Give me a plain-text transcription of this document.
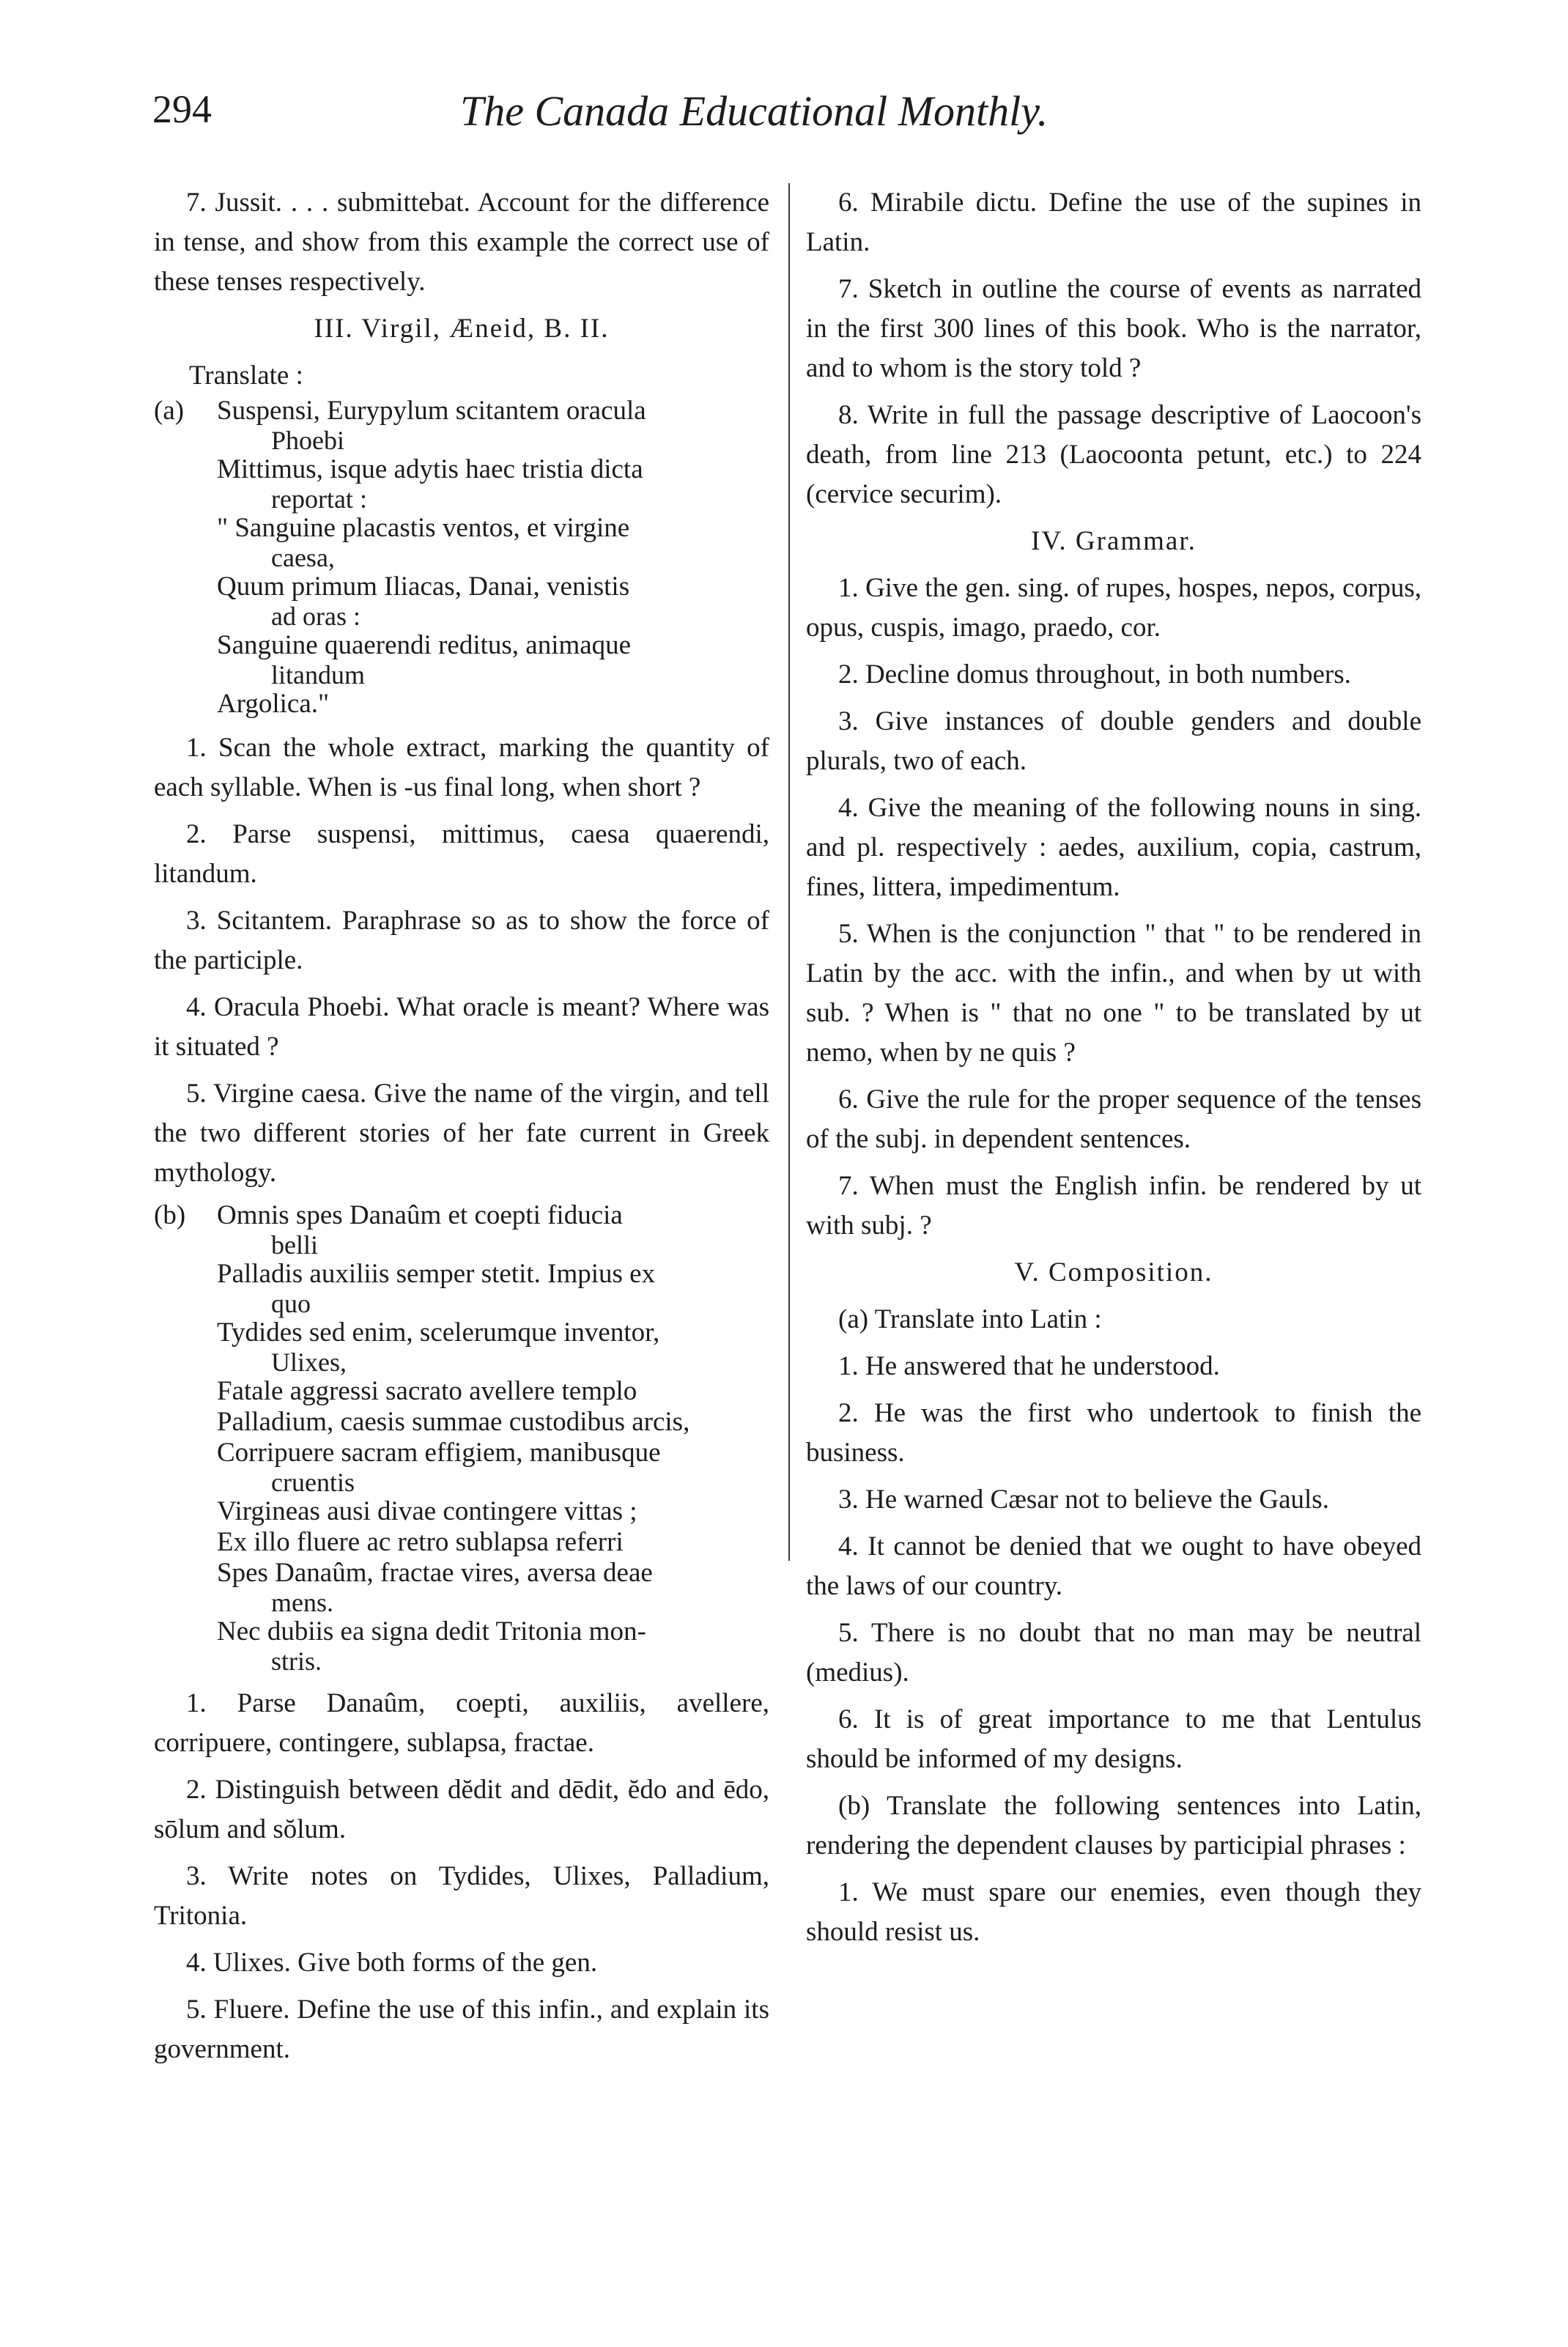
294	The Canada Educational Monthly.

7. Jussit. . . . submittebat. Account for the difference in tense, and show from this example the correct use of these tenses respectively.

III. Virgil, Æneid, B. II.

Translate :

(a) Suspensi, Eurypylum scitantem oracula
Phoebi
Mittimus, isque adytis haec tristia dicta
reportat :
" Sanguine placastis ventos, et virgine
caesa,
Quum primum Iliacas, Danai, venistis
ad oras :
Sanguine quaerendi reditus, animaque
litandum
Argolica."

1. Scan the whole extract, marking the quantity of each syllable. When is -us final long, when short ?

2. Parse suspensi, mittimus, caesa quaerendi, litandum.

3. Scitantem. Paraphrase so as to show the force of the participle.

4. Oracula Phoebi. What oracle is meant? Where was it situated ?

5. Virgine caesa. Give the name of the virgin, and tell the two different stories of her fate current in Greek mythology.

(b) Omnis spes Danaûm et coepti fiducia
belli
Palladis auxiliis semper stetit. Impius ex
quo
Tydides sed enim, scelerumque inventor,
Ulixes,
Fatale aggressi sacrato avellere templo
Palladium, caesis summae custodibus arcis,
Corripuere sacram effigiem, manibusque
cruentis
Virgineas ausi divae contingere vittas ;
Ex illo fluere ac retro sublapsa referri
Spes Danaûm, fractae vires, aversa deae
mens.
Nec dubiis ea signa dedit Tritonia mon-
stris.

1. Parse Danaûm, coepti, auxiliis, avellere, corripuere, contingere, sublapsa, fractae.

2. Distinguish between dĕdit and dēdit, ĕdo and ēdo, sōlum and sŏlum.

3. Write notes on Tydides, Ulixes, Palladium, Tritonia.

4. Ulixes. Give both forms of the gen.

5. Fluere. Define the use of this infin., and explain its government.

6. Mirabile dictu. Define the use of the supines in Latin.

7. Sketch in outline the course of events as narrated in the first 300 lines of this book. Who is the narrator, and to whom is the story told ?

8. Write in full the passage descriptive of Laocoon's death, from line 213 (Laocoonta petunt, etc.) to 224 (cervice securim).

IV. Grammar.

1. Give the gen. sing. of rupes, hospes, nepos, corpus, opus, cuspis, imago, praedo, cor.

2. Decline domus throughout, in both numbers.

3. Give instances of double genders and double plurals, two of each.

4. Give the meaning of the following nouns in sing. and pl. respectively : aedes, auxilium, copia, castrum, fines, littera, impedimentum.

5. When is the conjunction " that " to be rendered in Latin by the acc. with the infin., and when by ut with sub. ? When is " that no one " to be translated by ut nemo, when by ne quis ?

6. Give the rule for the proper sequence of the tenses of the subj. in dependent sentences.

7. When must the English infin. be rendered by ut with subj. ?

V. Composition.

(a) Translate into Latin :

1. He answered that he understood.

2. He was the first who undertook to finish the business.

3. He warned Cæsar not to believe the Gauls.

4. It cannot be denied that we ought to have obeyed the laws of our country.

5. There is no doubt that no man may be neutral (medius).

6. It is of great importance to me that Lentulus should be informed of my designs.

(b) Translate the following sentences into Latin, rendering the dependent clauses by participial phrases :

1. We must spare our enemies, even though they should resist us.
